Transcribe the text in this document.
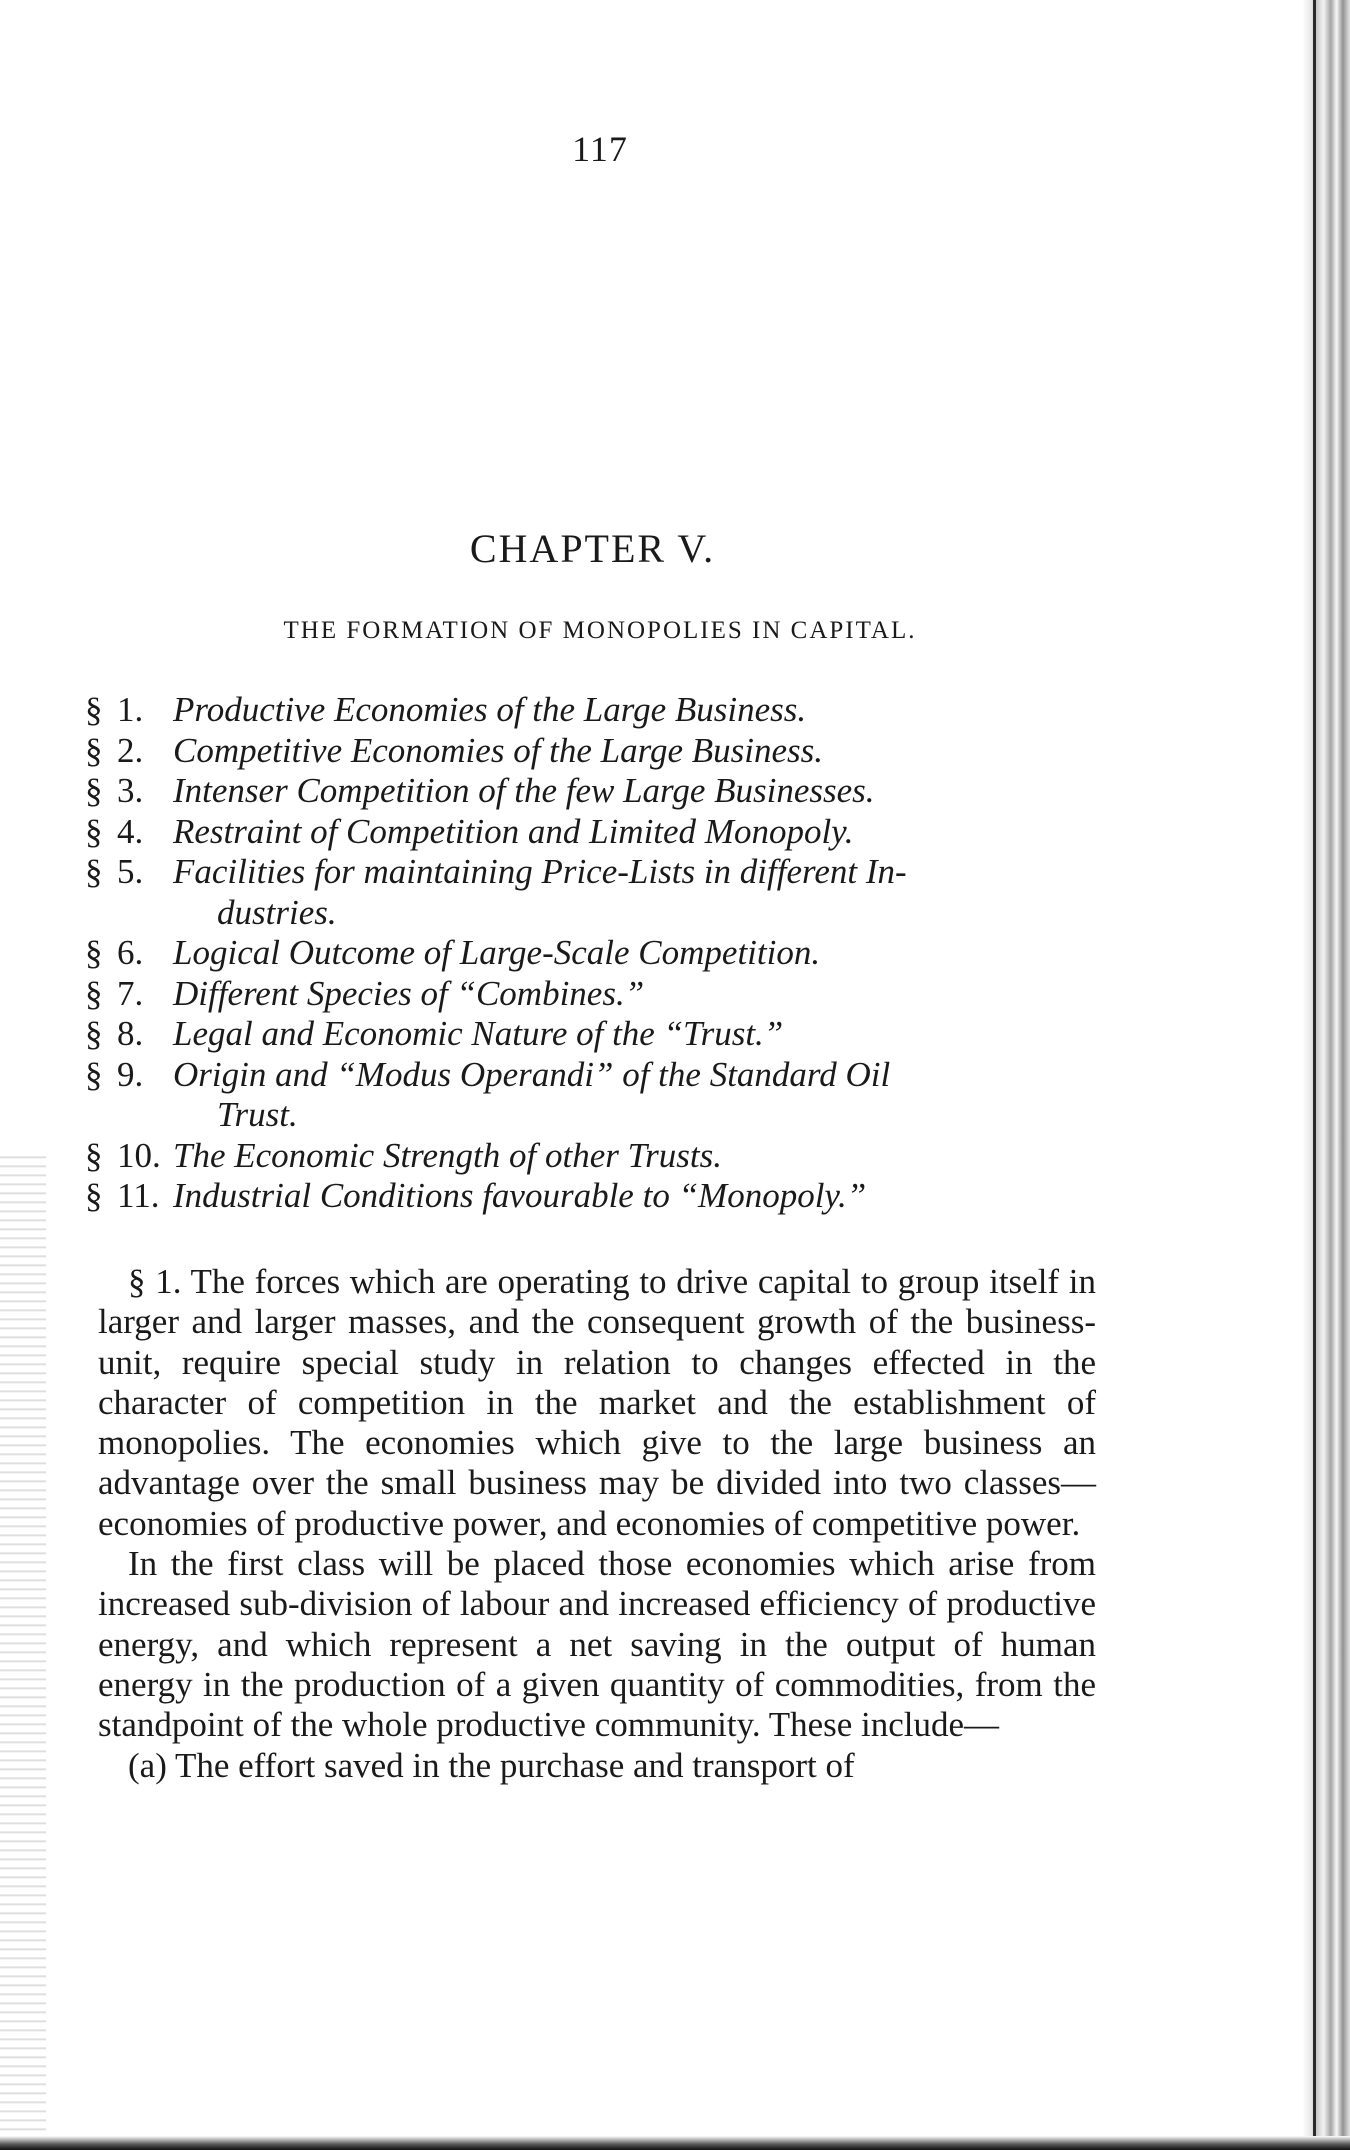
117
CHAPTER V.
THE FORMATION OF MONOPOLIES IN CAPITAL.
§ 1. Productive Economies of the Large Business.
§ 2. Competitive Economies of the Large Business.
§ 3. Intenser Competition of the few Large Businesses.
§ 4. Restraint of Competition and Limited Monopoly.
§ 5. Facilities for maintaining Price-Lists in different In-
dustries.
§ 6. Logical Outcome of Large-Scale Competition.
§ 7. Different Species of “Combines.”
§ 8. Legal and Economic Nature of the “Trust.”
§ 9. Origin and “Modus Operandi” of the Standard Oil
Trust.
§ 10. The Economic Strength of other Trusts.
§ 11. Industrial Conditions favourable to “Monopoly.”

§ 1. The forces which are operating to drive capital to group itself in larger and larger masses, and the consequent growth of the business-unit, require special study in relation to changes effected in the character of competition in the market and the establishment of monopolies. The economies which give to the large business an advantage over the small business may be divided into two classes—economies of productive power, and economies of competitive power.

In the first class will be placed those economies which arise from increased sub-division of labour and increased efficiency of productive energy, and which represent a net saving in the output of human energy in the production of a given quantity of commodities, from the standpoint of the whole productive community. These include—

(a) The effort saved in the purchase and transport of
